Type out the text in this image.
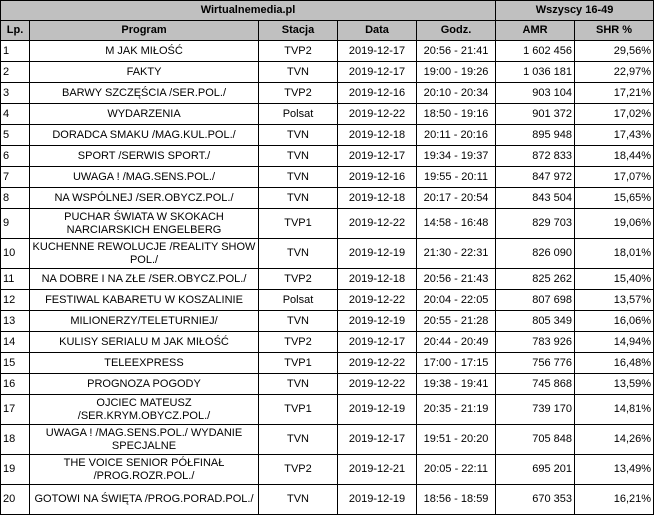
Wirtualnemedia.pl					Wszyscy 16-49	
Lp.	Program	Stacja	Data	Godz.	AMR	SHR %
1	M JAK MIŁOŚĆ	TVP2	2019-12-17	20:56 - 21:41	1 602 456	29,56%
2	FAKTY	TVN	2019-12-17	19:00 - 19:26	1 036 181	22,97%
3	BARWY SZCZĘŚCIA /SER.POL./	TVP2	2019-12-16	20:10 - 20:34	903 104	17,21%
4	WYDARZENIA	Polsat	2019-12-22	18:50 - 19:16	901 372	17,02%
5	DORADCA SMAKU /MAG.KUL.POL./	TVN	2019-12-18	20:11 - 20:16	895 948	17,43%
6	SPORT /SERWIS SPORT./	TVN	2019-12-17	19:34 - 19:37	872 833	18,44%
7	UWAGA ! /MAG.SENS.POL./	TVN	2019-12-16	19:55 - 20:11	847 972	17,07%
8	NA WSPÓLNEJ /SER.OBYCZ.POL./	TVN	2019-12-18	20:17 - 20:54	843 504	15,65%
9	PUCHAR ŚWIATA W SKOKACH NARCIARSKICH ENGELBERG	TVP1	2019-12-22	14:58 - 16:48	829 703	19,06%
10	KUCHENNE REWOLUCJE /REALITY SHOW POL./	TVN	2019-12-19	21:30 - 22:31	826 090	18,01%
11	NA DOBRE I NA ZŁE /SER.OBYCZ.POL./	TVP2	2019-12-18	20:56 - 21:43	825 262	15,40%
12	FESTIWAL KABARETU W KOSZALINIE	Polsat	2019-12-22	20:04 - 22:05	807 698	13,57%
13	MILIONERZY/TELETURNIEJ/	TVN	2019-12-19	20:55 - 21:28	805 349	16,06%
14	KULISY SERIALU M JAK MIŁOŚĆ	TVP2	2019-12-17	20:44 - 20:49	783 926	14,94%
15	TELEEXPRESS	TVP1	2019-12-22	17:00 - 17:15	756 776	16,48%
16	PROGNOZA POGODY	TVN	2019-12-22	19:38 - 19:41	745 868	13,59%
17	OJCIEC MATEUSZ /SER.KRYM.OBYCZ.POL./	TVP1	2019-12-19	20:35 - 21:19	739 170	14,81%
18	UWAGA ! /MAG.SENS.POL./ WYDANIE SPECJALNE	TVN	2019-12-17	19:51 - 20:20	705 848	14,26%
19	THE VOICE SENIOR PÓŁFINAŁ /PROG.ROZR.POL./	TVP2	2019-12-21	20:05 - 22:11	695 201	13,49%
20	GOTOWI NA ŚWIĘTA /PROG.PORAD.POL./	TVN	2019-12-19	18:56 - 18:59	670 353	16,21%
